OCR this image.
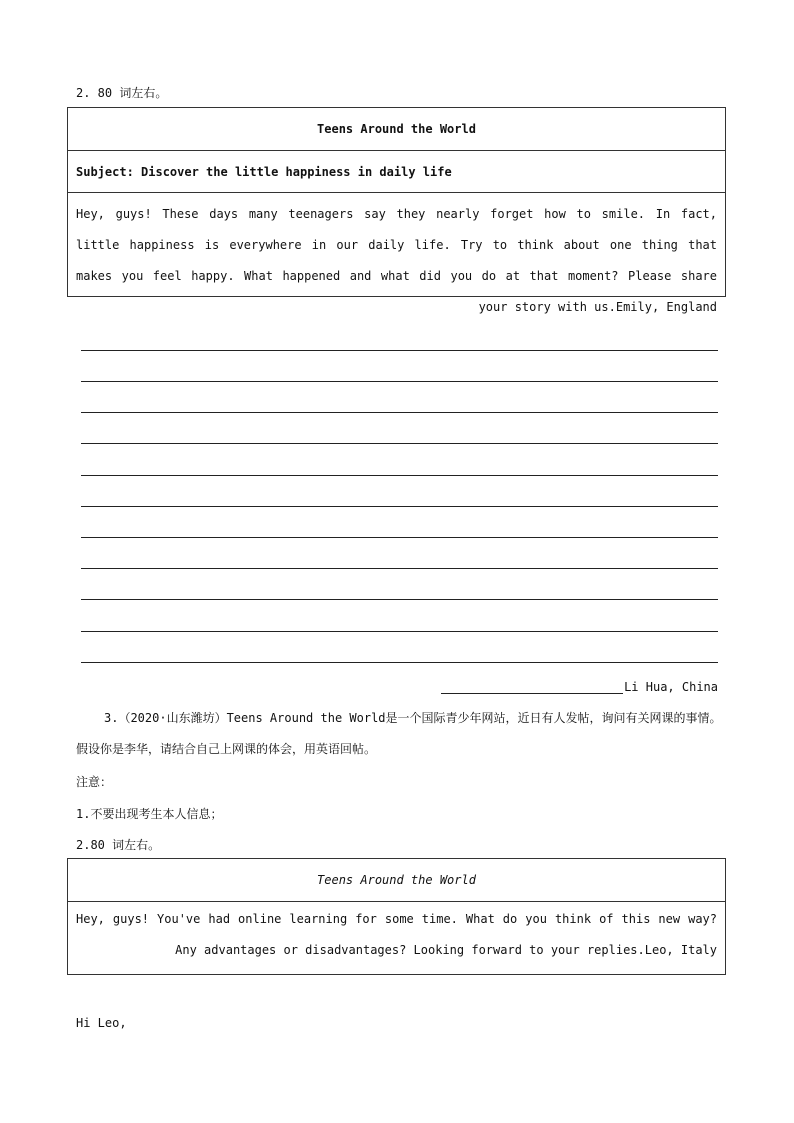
2. 80 词左右。
Teens Around the World
Subject: Discover the little happiness in daily life
Hey, guys! These days many teenagers say they nearly forget how to smile. In fact, little happiness is everywhere in our daily life. Try to think about one thing that makes you feel happy. What happened and what did you do at that moment? Please share your story with us.Emily, England
Li Hua, China
3.（2020·山东潍坊）Teens Around the World是一个国际青少年网站，近日有人发帖，询问有关网课的事情。假设你是李华，请结合自己上网课的体会，用英语回帖。
注意：
1.不要出现考生本人信息；
2.80 词左右。
Teens Around the World
Hey, guys! You've had online learning for some time. What do you think of this new way? Any advantages or disadvantages? Looking forward to your replies.Leo, Italy
Hi Leo,
